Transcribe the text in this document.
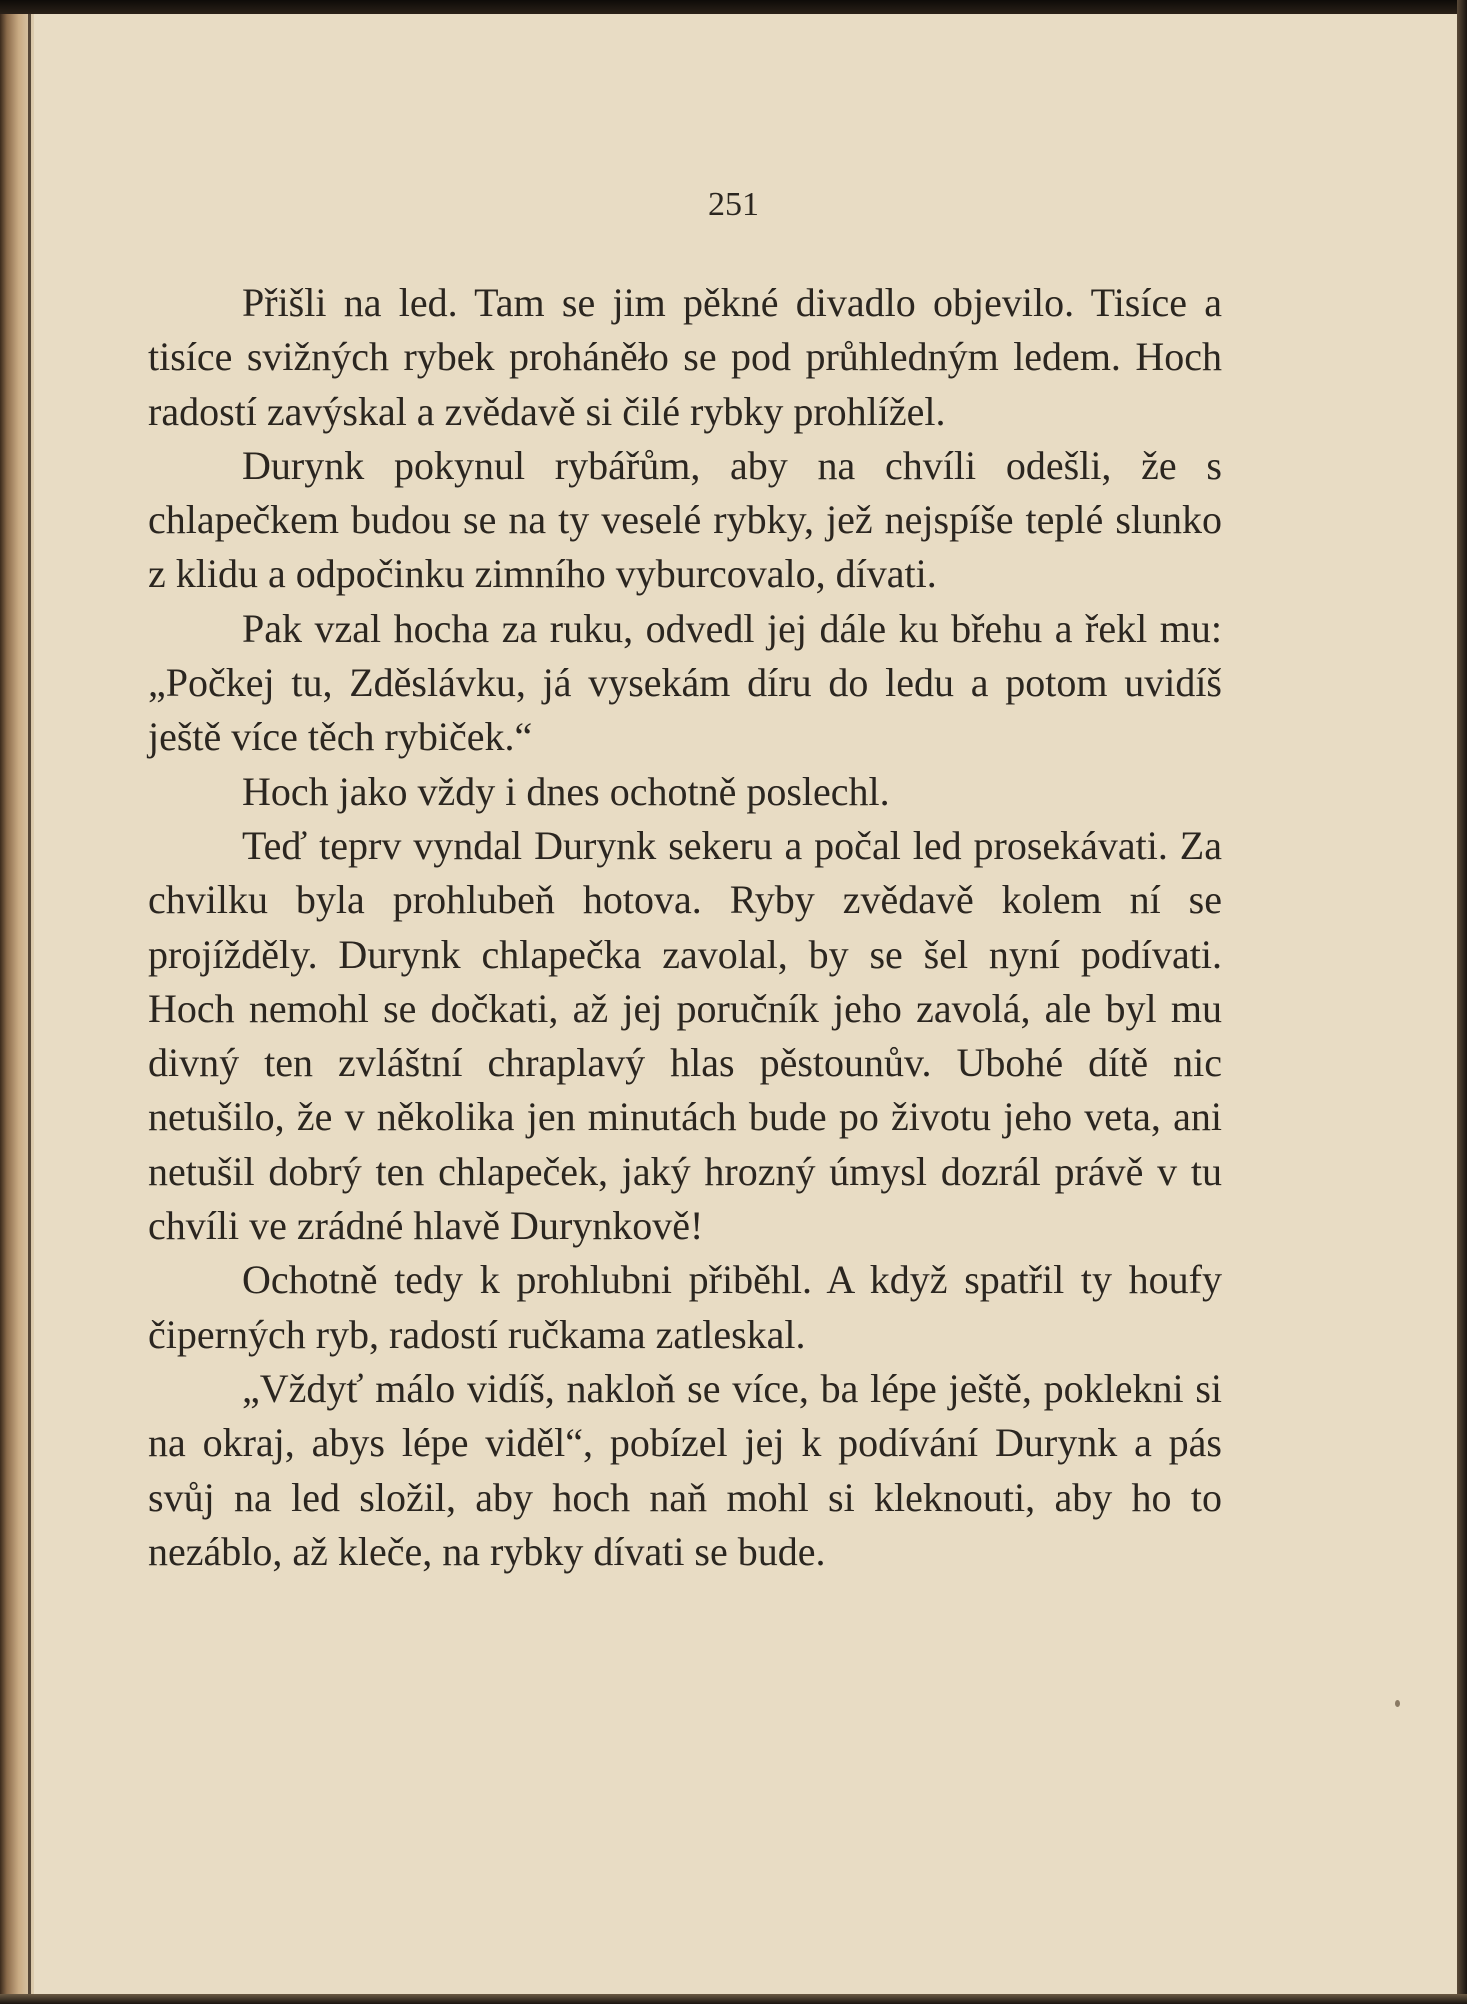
251

Přišli na led. Tam se jim pěkné divadlo objevilo. Tisíce a tisíce svižných rybek proháněło se pod průhledným ledem. Hoch radostí zavýskal a zvědavě si čilé rybky prohlížel.

Durynk pokynul rybářům, aby na chvíli odešli, že s chlapečkem budou se na ty veselé rybky, jež nejspíše teplé slunko z klidu a odpočinku zimního vyburcovalo, dívati.

Pak vzal hocha za ruku, odvedl jej dále ku břehu a řekl mu: „Počkej tu, Zděslávku, já vysekám díru do ledu a potom uvidíš ještě více těch rybiček.“

Hoch jako vždy i dnes ochotně poslechl.

Teď teprv vyndal Durynk sekeru a počal led prosekávati. Za chvilku byla prohlubeň hotova. Ryby zvědavě kolem ní se projížděly. Durynk chlapečka zavolal, by se šel nyní podívati. Hoch nemohl se dočkati, až jej poručník jeho zavolá, ale byl mu divný ten zvláštní chraplavý hlas pěstounův. Ubohé dítě nic netušilo, že v několika jen minutách bude po životu jeho veta, ani netušil dobrý ten chlapeček, jaký hrozný úmysl dozrál právě v tu chvíli ve zrádné hlavě Durynkově!

Ochotně tedy k prohlubni přiběhl. A když spatřil ty houfy čiperných ryb, radostí ručkama zatleskal.

„Vždyť málo vidíš, nakloň se více, ba lépe ještě, poklekni si na okraj, abys lépe viděl“, pobízel jej k podívání Durynk a pás svůj na led složil, aby hoch naň mohl si kleknouti, aby ho to nezáblo, až kleče, na rybky dívati se bude.
